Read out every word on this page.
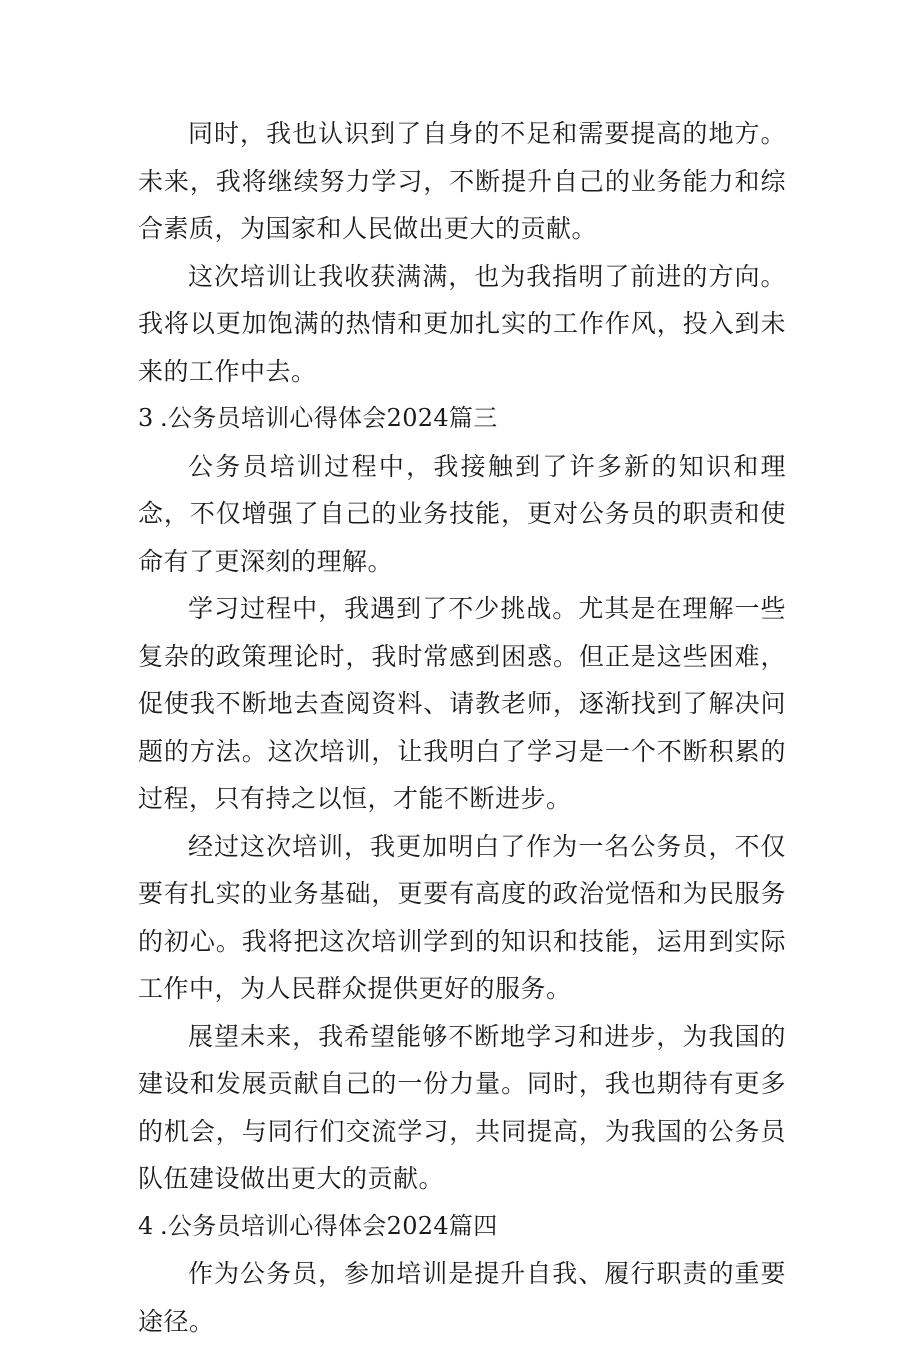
同时，我也认识到了自身的不足和需要提高的地方。未来，我将继续努力学习，不断提升自己的业务能力和综合素质，为国家和人民做出更大的贡献。

这次培训让我收获满满，也为我指明了前进的方向。我将以更加饱满的热情和更加扎实的工作作风，投入到未来的工作中去。

3 .公务员培训心得体会2024篇三

公务员培训过程中，我接触到了许多新的知识和理念，不仅增强了自己的业务技能，更对公务员的职责和使命有了更深刻的理解。

学习过程中，我遇到了不少挑战。尤其是在理解一些复杂的政策理论时，我时常感到困惑。但正是这些困难，促使我不断地去查阅资料、请教老师，逐渐找到了解决问题的方法。这次培训，让我明白了学习是一个不断积累的过程，只有持之以恒，才能不断进步。

经过这次培训，我更加明白了作为一名公务员，不仅要有扎实的业务基础，更要有高度的政治觉悟和为民服务的初心。我将把这次培训学到的知识和技能，运用到实际工作中，为人民群众提供更好的服务。

展望未来，我希望能够不断地学习和进步，为我国的建设和发展贡献自己的一份力量。同时，我也期待有更多的机会，与同行们交流学习，共同提高，为我国的公务员队伍建设做出更大的贡献。

4 .公务员培训心得体会2024篇四

作为公务员，参加培训是提升自我、履行职责的重要途径。
